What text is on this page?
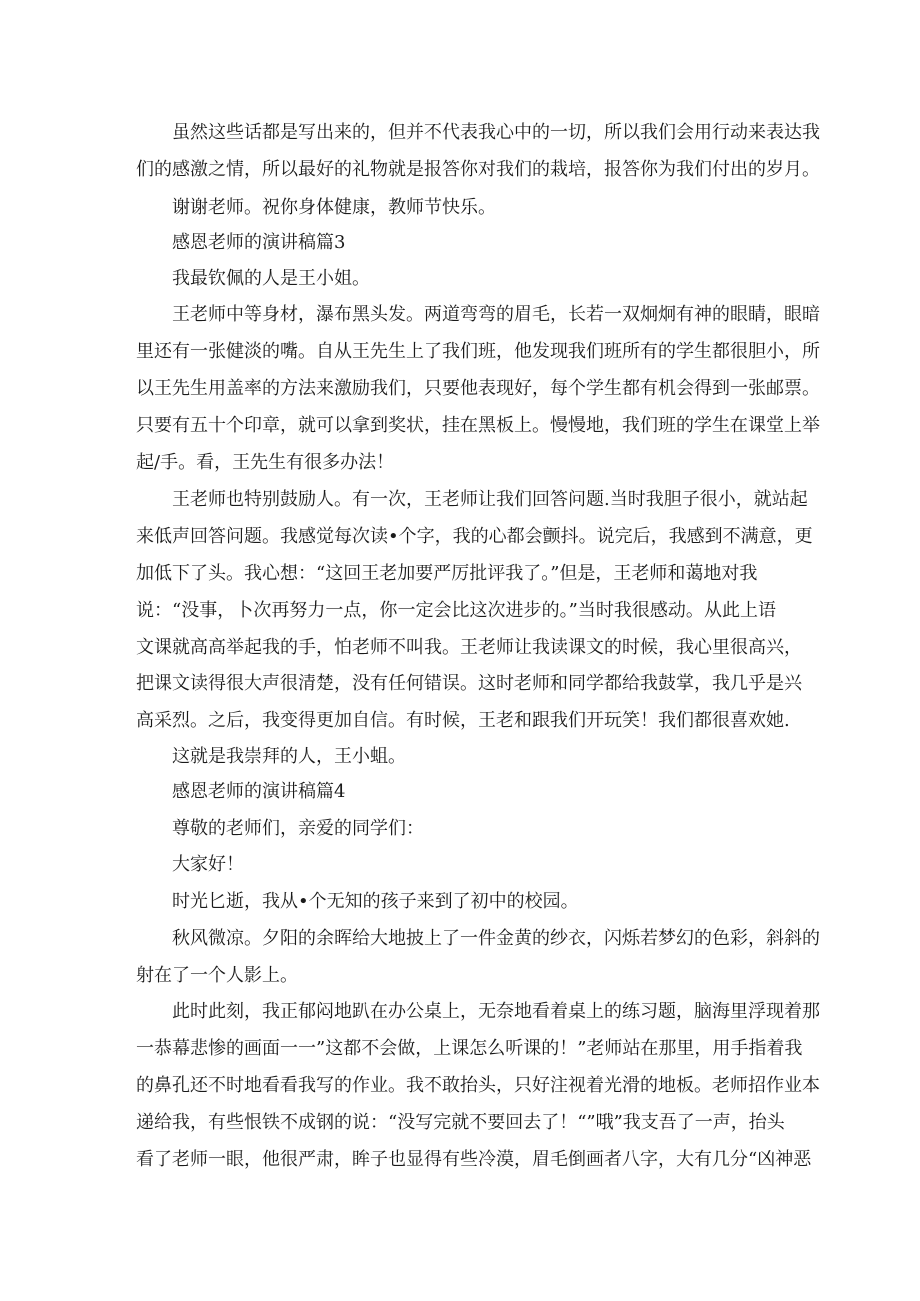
虽然这些话都是写出来的，但并不代表我心中的一切，所以我们会用行动来表达我

们的感激之情，所以最好的礼物就是报答你对我们的栽培，报答你为我们付出的岁月。

谢谢老师。祝你身体健康，教师节快乐。

感恩老师的演讲稿篇3

我最钦佩的人是王小姐。

王老师中等身材，瀑布黑头发。两道弯弯的眉毛，长若一双炯炯有神的眼睛，眼暗

里还有一张健淡的嘴。自从王先生上了我们班，他发现我们班所有的学生都很胆小，所

以王先生用盖率的方法来激励我们，只要他表现好，每个学生都有机会得到一张邮票。

只要有五十个印章，就可以拿到奖状，挂在黑板上。慢慢地，我们班的学生在课堂上举

起/手。看，王先生有很多办法！

王老师也特别鼓励人。有一次，王老师让我们回答问题.当时我胆子很小，就站起

来低声回答问题。我感觉每次读•个字，我的心都会颤抖。说完后，我感到不满意，更

加低下了头。我心想：“这回王老加要严厉批评我了。”但是，王老师和蔼地对我

说：“没事，卜次再努力一点，你一定会比这次进步的。”当时我很感动。从此上语

文课就高高举起我的手，怕老师不叫我。王老师让我读课文的时候，我心里很高兴，

把课文读得很大声很清楚，没有任何错误。这时老师和同学都给我鼓掌，我几乎是兴

高采烈。之后，我变得更加自信。有时候，王老和跟我们开玩笑！我们都很喜欢她.

这就是我崇拜的人，王小蛆。

感恩老师的演讲稿篇4

尊敬的老师们，亲爱的同学们：

大家好！

时光匕逝，我从•个无知的孩子来到了初中的校园。

秋风微凉。夕阳的余晖给大地披上了一件金黄的纱衣，闪烁若梦幻的色彩，斜斜的

射在了一个人影上。

此时此刻，我正郁闷地趴在办公桌上，无奈地看着桌上的练习题，脑海里浮现着那

一恭幕悲惨的画面一一”这都不会做，上课怎么听课的！”老师站在那里，用手指着我

的鼻孔还不时地看看我写的作业。我不敢抬头，只好注视着光滑的地板。老师招作业本

递给我，有些恨铁不成钢的说：“没写完就不要回去了！“”哦”我支吾了一声，抬头

看了老师一眼，他很严肃，眸子也显得有些冷漠，眉毛倒画者八字，大有几分“凶神恶
